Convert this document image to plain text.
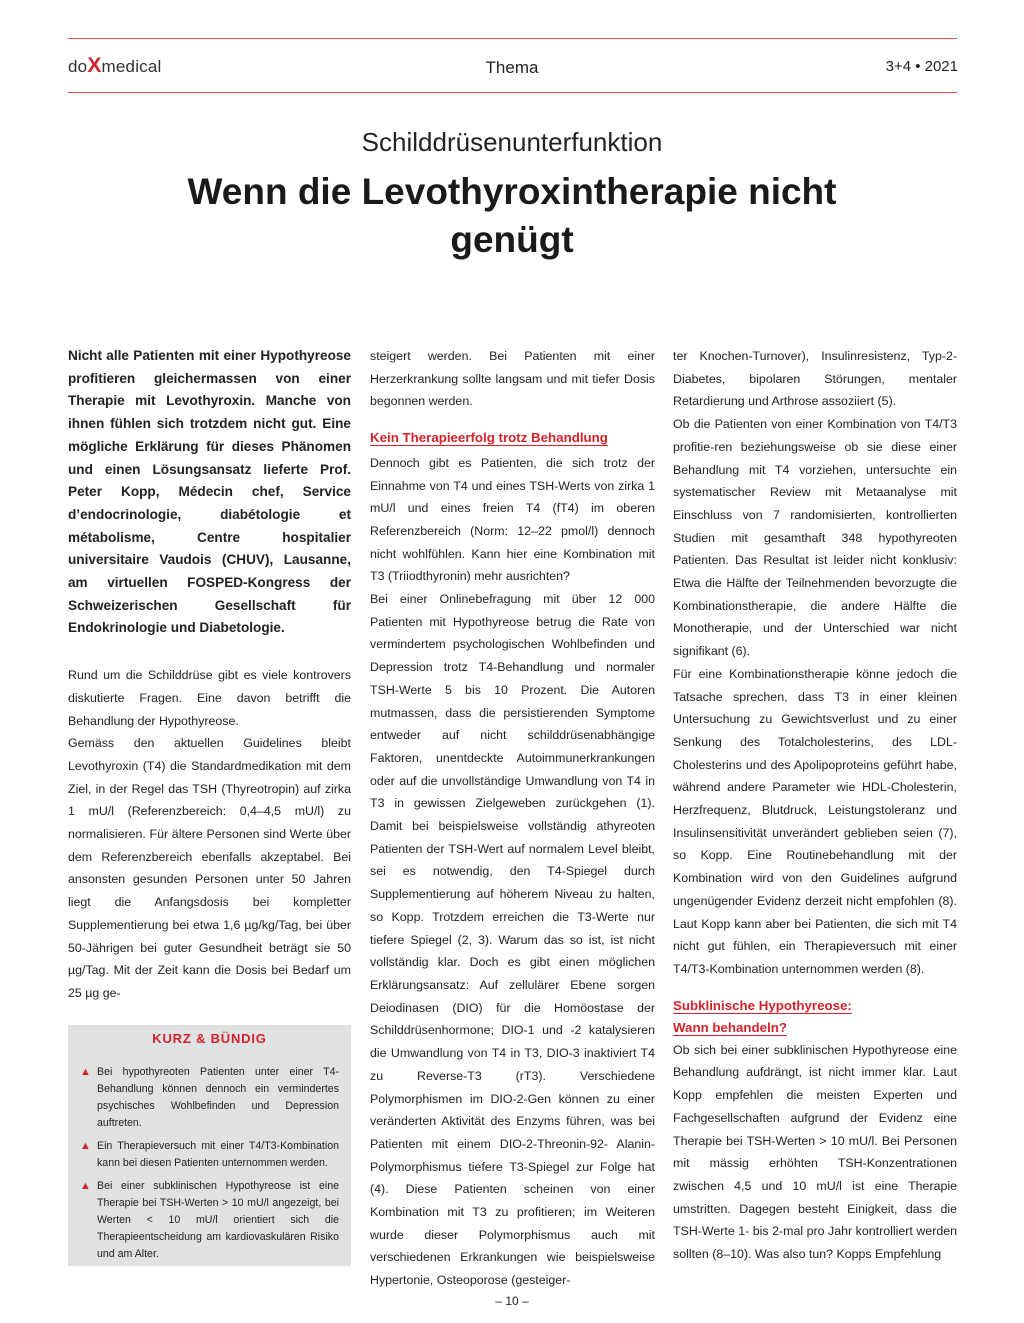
doXmedical	Thema	3+4 • 2021
Schilddrüsenunterfunktion
Wenn die Levothyroxintherapie nicht genügt

Nicht alle Patienten mit einer Hypothyreose profitieren gleichermassen von einer Therapie mit Levothyroxin. Manche von ihnen fühlen sich trotzdem nicht gut. Eine mögliche Erklärung für dieses Phänomen und einen Lösungsansatz lieferte Prof. Peter Kopp, Médecin chef, Service d’endocrinologie, diabétologie et métabolisme, Centre hospitalier universitaire Vaudois (CHUV), Lausanne, am virtuellen FOSPED-Kongress der Schweizerischen Gesellschaft für Endokrinologie und Diabetologie.

Rund um die Schilddrüse gibt es viele kontrovers diskutierte Fragen. Eine davon betrifft die Behandlung der Hypothyreose.

Gemäss den aktuellen Guidelines bleibt Levothyroxin (T4) die Standardmedikation mit dem Ziel, in der Regel das TSH (Thyreotropin) auf zirka 1 mU/l (Referenzbereich: 0,4–4,5 mU/l) zu normalisieren. Für ältere Personen sind Werte über dem Referenzbereich ebenfalls akzeptabel. Bei ansonsten gesunden Personen unter 50 Jahren liegt die Anfangsdosis bei kompletter Supplementierung bei etwa 1,6 µg/kg/Tag, bei über 50-Jährigen bei guter Gesundheit beträgt sie 50 µg/Tag. Mit der Zeit kann die Dosis bei Bedarf um 25 µg ge-

steigert werden. Bei Patienten mit einer Herzerkrankung sollte langsam und mit tiefer Dosis begonnen werden.

Kein Therapieerfolg trotz Behandlung

Dennoch gibt es Patienten, die sich trotz der Einnahme von T4 und eines TSH-Werts von zirka 1 mU/l und eines freien T4 (fT4) im oberen Referenzbereich (Norm: 12–22 pmol/l) dennoch nicht wohlfühlen. Kann hier eine Kombination mit T3 (Triiodthyronin) mehr ausrichten?

Bei einer Onlinebefragung mit über 12 000 Patienten mit Hypothyreose betrug die Rate von vermindertem psychologischen Wohlbefinden und Depression trotz T4-Behandlung und normaler TSH-Werte 5 bis 10 Prozent. Die Autoren mutmassen, dass die persistierenden Symptome entweder auf nicht schilddrüsenabhängige Faktoren, unentdeckte Autoimmunerkrankungen oder auf die unvollständige Umwandlung von T4 in T3 in gewissen Zielgeweben zurückgehen (1). Damit bei beispielsweise vollständig athyreoten Patienten der TSH-Wert auf normalem Level bleibt, sei es notwendig, den T4-Spiegel durch Supplementierung auf höherem Niveau zu halten, so Kopp. Trotzdem erreichen die T3-Werte nur tiefere Spiegel (2, 3). Warum das so ist, ist nicht vollständig klar. Doch es gibt einen möglichen Erklärungsansatz: Auf zellulärer Ebene sorgen Deiodinasen (DIO) für die Homöostase der Schilddrüsenhormone; DIO-1 und -2 katalysieren die Umwandlung von T4 in T3, DIO-3 inaktiviert T4 zu Reverse-T3 (rT3). Verschiedene Polymorphismen im DIO-2-Gen können zu einer veränderten Aktivität des Enzyms führen, was bei Patienten mit einem DIO-2-Threonin-92- Alanin-Polymorphismus tiefere T3-Spiegel zur Folge hat (4). Diese Patienten scheinen von einer Kombination mit T3 zu profitieren; im Weiteren wurde dieser Polymorphismus auch mit verschiedenen Erkrankungen wie beispielsweise Hypertonie, Osteoporose (gesteiger-

ter Knochen-Turnover), Insulinresistenz, Typ-2-Diabetes, bipolaren Störungen, mentaler Retardierung und Arthrose assoziiert (5).

Ob die Patienten von einer Kombination von T4/T3 profitie-ren beziehungsweise ob sie diese einer Behandlung mit T4 vorziehen, untersuchte ein systematischer Review mit Metaanalyse mit Einschluss von 7 randomisierten, kontrollierten Studien mit gesamthaft 348 hypothyreoten Patienten. Das Resultat ist leider nicht konklusiv: Etwa die Hälfte der Teilnehmenden bevorzugte die Kombinationstherapie, die andere Hälfte die Monotherapie, und der Unterschied war nicht signifikant (6).

Für eine Kombinationstherapie könne jedoch die Tatsache sprechen, dass T3 in einer kleinen Untersuchung zu Gewichtsverlust und zu einer Senkung des Totalcholesterins, des LDL-Cholesterins und des Apolipoproteins geführt habe, während andere Parameter wie HDL-Cholesterin, Herzfrequenz, Blutdruck, Leistungstoleranz und Insulinsensitivität unverändert geblieben seien (7), so Kopp. Eine Routinebehandlung mit der Kombination wird von den Guidelines aufgrund ungenügender Evidenz derzeit nicht empfohlen (8). Laut Kopp kann aber bei Patienten, die sich mit T4 nicht gut fühlen, ein Therapieversuch mit einer T4/T3-Kombination unternommen werden (8).

Subklinische Hypothyreose:
Wann behandeln?

Ob sich bei einer subklinischen Hypothyreose eine Behandlung aufdrängt, ist nicht immer klar. Laut Kopp empfehlen die meisten Experten und Fachgesellschaften aufgrund der Evidenz eine Therapie bei TSH-Werten > 10 mU/l. Bei Personen mit mässig erhöhten TSH-Konzentrationen zwischen 4,5 und 10 mU/l ist eine Therapie umstritten. Dagegen besteht Einigkeit, dass die TSH-Werte 1- bis 2-mal pro Jahr kontrolliert werden sollten (8–10). Was also tun? Kopps Empfehlung

KURZ & BÜNDIG

▲ Bei hypothyreoten Patienten unter einer T4-Behandlung können dennoch ein vermindertes psychisches Wohlbefinden und Depression auftreten.

▲ Ein Therapieversuch mit einer T4/T3-Kombination kann bei diesen Patienten unternommen werden.

▲ Bei einer subklinischen Hypothyreose ist eine Therapie bei TSH-Werten > 10 mU/l angezeigt, bei Werten < 10 mU/l orientiert sich die Therapieentscheidung am kardiovaskulären Risiko und am Alter.

– 10 –
